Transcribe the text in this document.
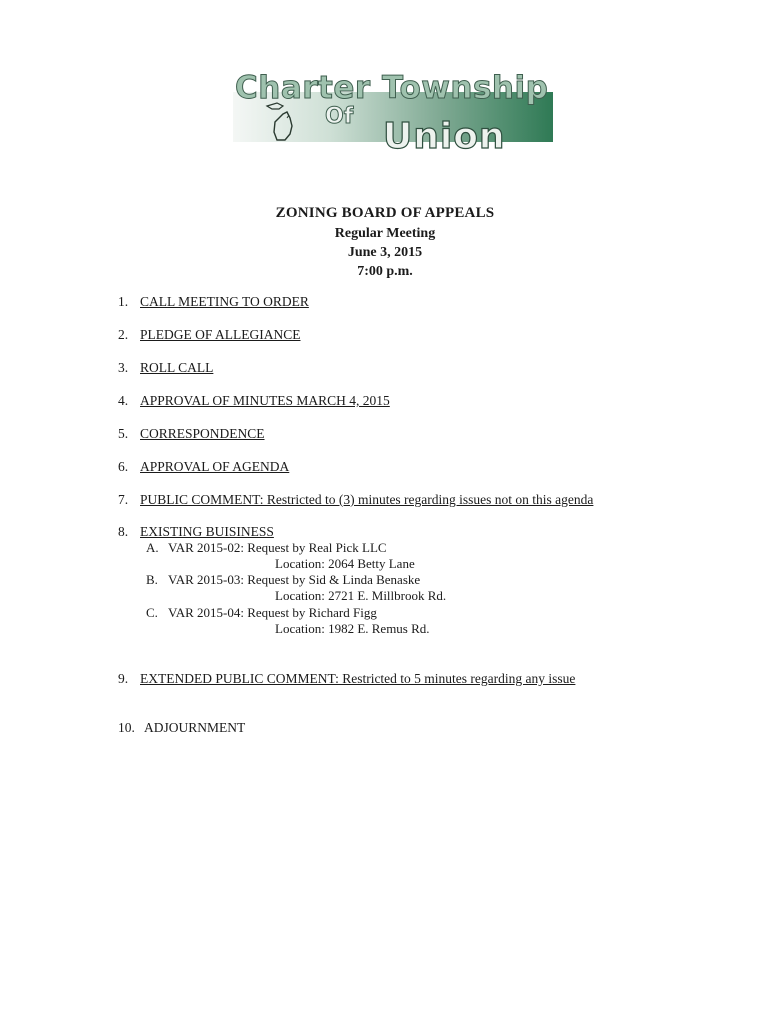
Charter Township
Of Union
ZONING BOARD OF APPEALS
Regular Meeting
June 3, 2015
7:00 p.m.
1. CALL MEETING TO ORDER
2. PLEDGE OF ALLEGIANCE
3. ROLL CALL
4. APPROVAL OF MINUTES MARCH 4, 2015
5. CORRESPONDENCE
6. APPROVAL OF AGENDA
7. PUBLIC COMMENT: Restricted to (3) minutes regarding issues not on this agenda
8. EXISTING BUISINESS
A. VAR 2015-02: Request by Real Pick LLC
Location: 2064 Betty Lane
B. VAR 2015-03: Request by Sid & Linda Benaske
Location: 2721 E. Millbrook Rd.
C. VAR 2015-04: Request by Richard Figg
Location: 1982 E. Remus Rd.
9. EXTENDED PUBLIC COMMENT: Restricted to 5 minutes regarding any issue
10. ADJOURNMENT
